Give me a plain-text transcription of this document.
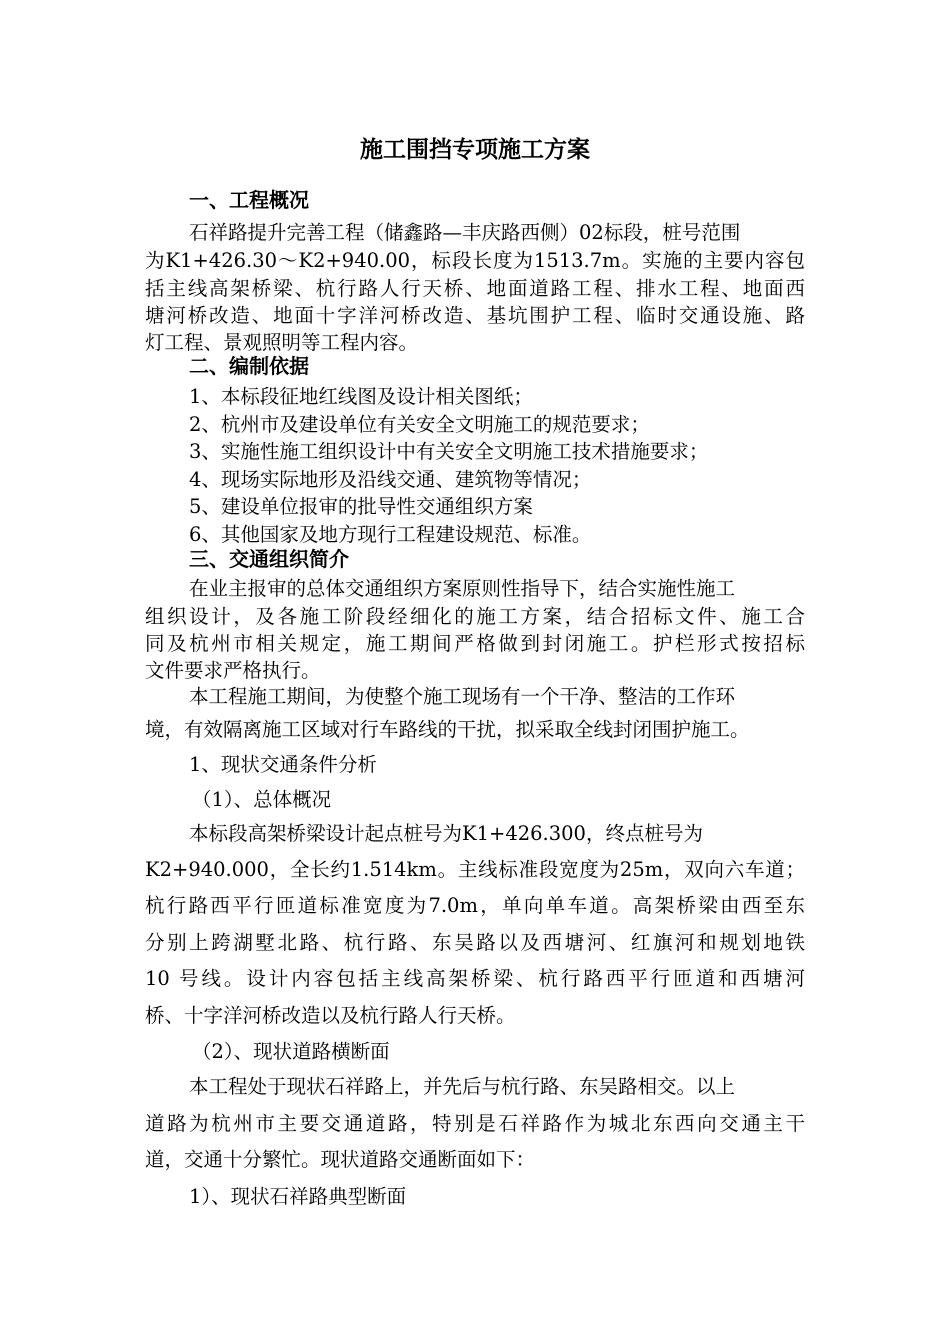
施工围挡专项施工方案
一、工程概况
石祥路提升完善工程（储鑫路—丰庆路西侧）02标段，桩号范围
为K1+426.30～K2+940.00，标段长度为1513.7m。实施的主要内容包
括主线高架桥梁、杭行路人行天桥、地面道路工程、排水工程、地面西
塘河桥改造、地面十字洋河桥改造、基坑围护工程、临时交通设施、路
灯工程、景观照明等工程内容。
二、编制依据
1、本标段征地红线图及设计相关图纸；
2、杭州市及建设单位有关安全文明施工的规范要求；
3、实施性施工组织设计中有关安全文明施工技术措施要求；
4、现场实际地形及沿线交通、建筑物等情况；
5、建设单位报审的批导性交通组织方案
6、其他国家及地方现行工程建设规范、标准。
三、交通组织简介
在业主报审的总体交通组织方案原则性指导下，结合实施性施工
组织设计，及各施工阶段经细化的施工方案，结合招标文件、施工合
同及杭州市相关规定，施工期间严格做到封闭施工。护栏形式按招标
文件要求严格执行。
本工程施工期间，为使整个施工现场有一个干净、整洁的工作环
境，有效隔离施工区域对行车路线的干扰，拟采取全线封闭围护施工。
1、现状交通条件分析
（1）、总体概况
本标段高架桥梁设计起点桩号为K1+426.300，终点桩号为
K2+940.000，全长约1.514km。主线标准段宽度为25m，双向六车道；
杭行路西平行匝道标准宽度为7.0m，单向单车道。高架桥梁由西至东
分别上跨湖墅北路、杭行路、东吴路以及西塘河、红旗河和规划地铁
10 号线。设计内容包括主线高架桥梁、杭行路西平行匝道和西塘河
桥、十字洋河桥改造以及杭行路人行天桥。
（2）、现状道路横断面
本工程处于现状石祥路上，并先后与杭行路、东吴路相交。以上
道路为杭州市主要交通道路，特别是石祥路作为城北东西向交通主干
道，交通十分繁忙。现状道路交通断面如下：
1）、现状石祥路典型断面
